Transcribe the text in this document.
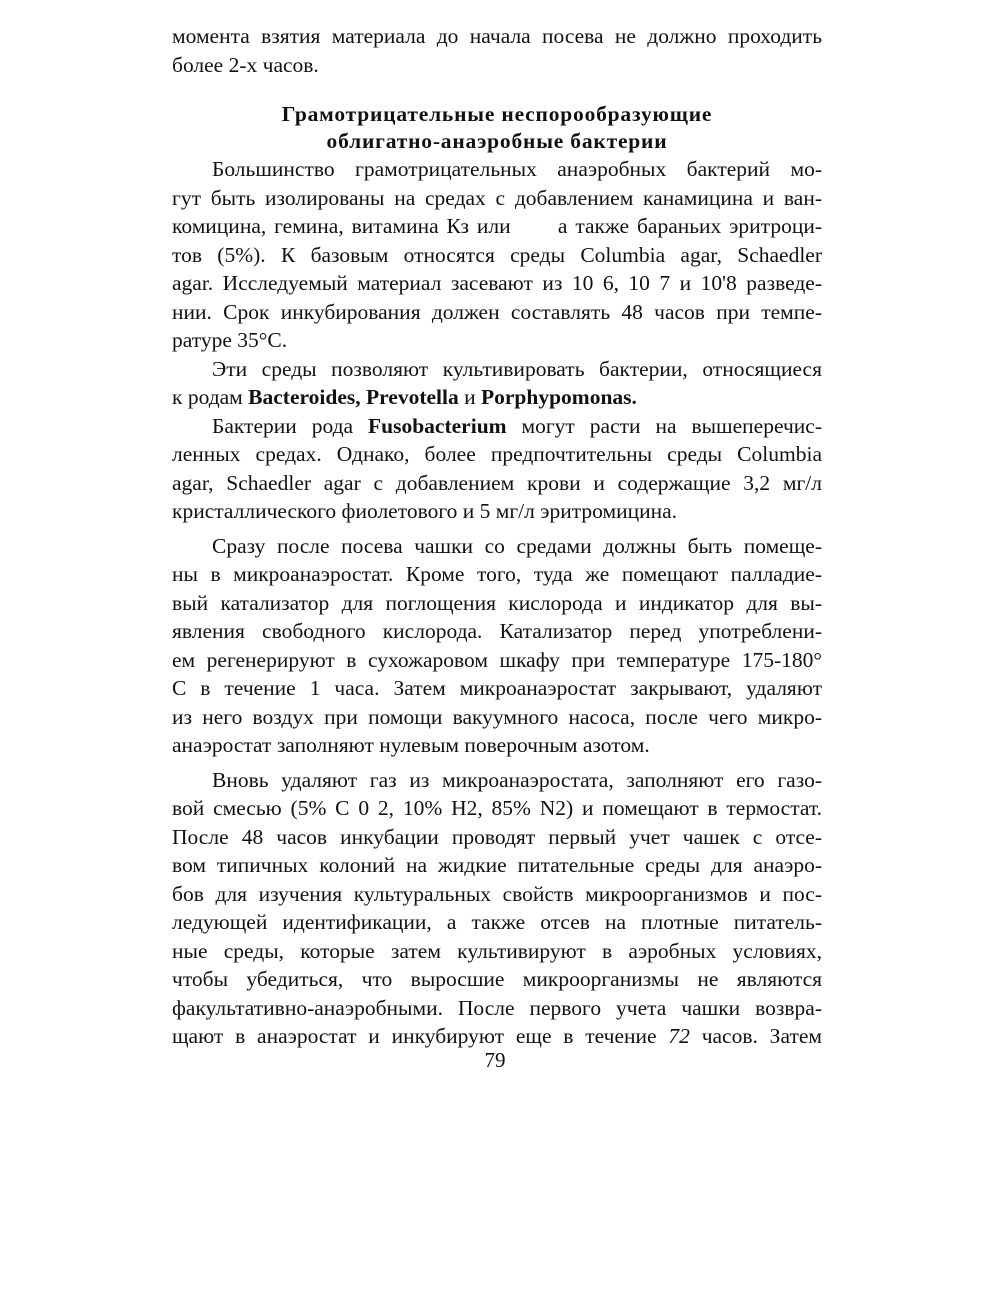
момента взятия материала до начала посева не должно проходить
более 2-х часов.
Грамотрицательные неспорообразующие
облигатно-анаэробные бактерии
Большинство грамотрицательных анаэробных бактерий мо-
гут быть изолированы на средах с добавлением канамицина и ван-
комицина, гемина, витамина Кз или      а также бараньих эритроци-
тов (5%). К базовым относятся среды Columbia agar, Schaedler
agar. Исследуемый материал засевают из 10 6, 10 7 и 10'8 разведе-
нии. Срок инкубирования должен составлять 48 часов при темпе-
ратуре 35°С.
Эти среды позволяют культивировать бактерии, относящиеся
к родам Bacteroides, Prevotella и Porphypomonas.
Бактерии рода Fusobacterium могут расти на вышеперечис-
ленных средах. Однако, более предпочтительны среды Columbia
agar, Schaedler agar с добавлением крови и содержащие 3,2 мг/л
кристаллического фиолетового и 5 мг/л эритромицина.
Сразу после посева чашки со средами должны быть помеще-
ны в микроанаэростат. Кроме того, туда же помещают палладие-
вый катализатор для поглощения кислорода и индикатор для вы-
явления свободного кислорода. Катализатор перед употреблени-
ем регенерируют в сухожаровом шкафу при температуре 175-180°
С в течение 1 часа. Затем микроанаэростат закрывают, удаляют
из него воздух при помощи вакуумного насоса, после чего микро-
анаэростат заполняют нулевым поверочным азотом.
Вновь удаляют газ из микроанаэростата, заполняют его газо-
вой смесью (5% С 0 2, 10% Н2, 85% N2) и помещают в термостат.
После 48 часов инкубации проводят первый учет чашек с отсе-
вом типичных колоний на жидкие питательные среды для анаэро-
бов для изучения культуральных свойств микроорганизмов и пос-
ледующей идентификации, а также отсев на плотные питатель-
ные среды, которые затем культивируют в аэробных условиях,
чтобы убедиться, что выросшие микроорганизмы не являются
факультативно-анаэробными. После первого учета чашки возвра-
щают в анаэростат и инкубируют еще в течение 72 часов. Затем
79
